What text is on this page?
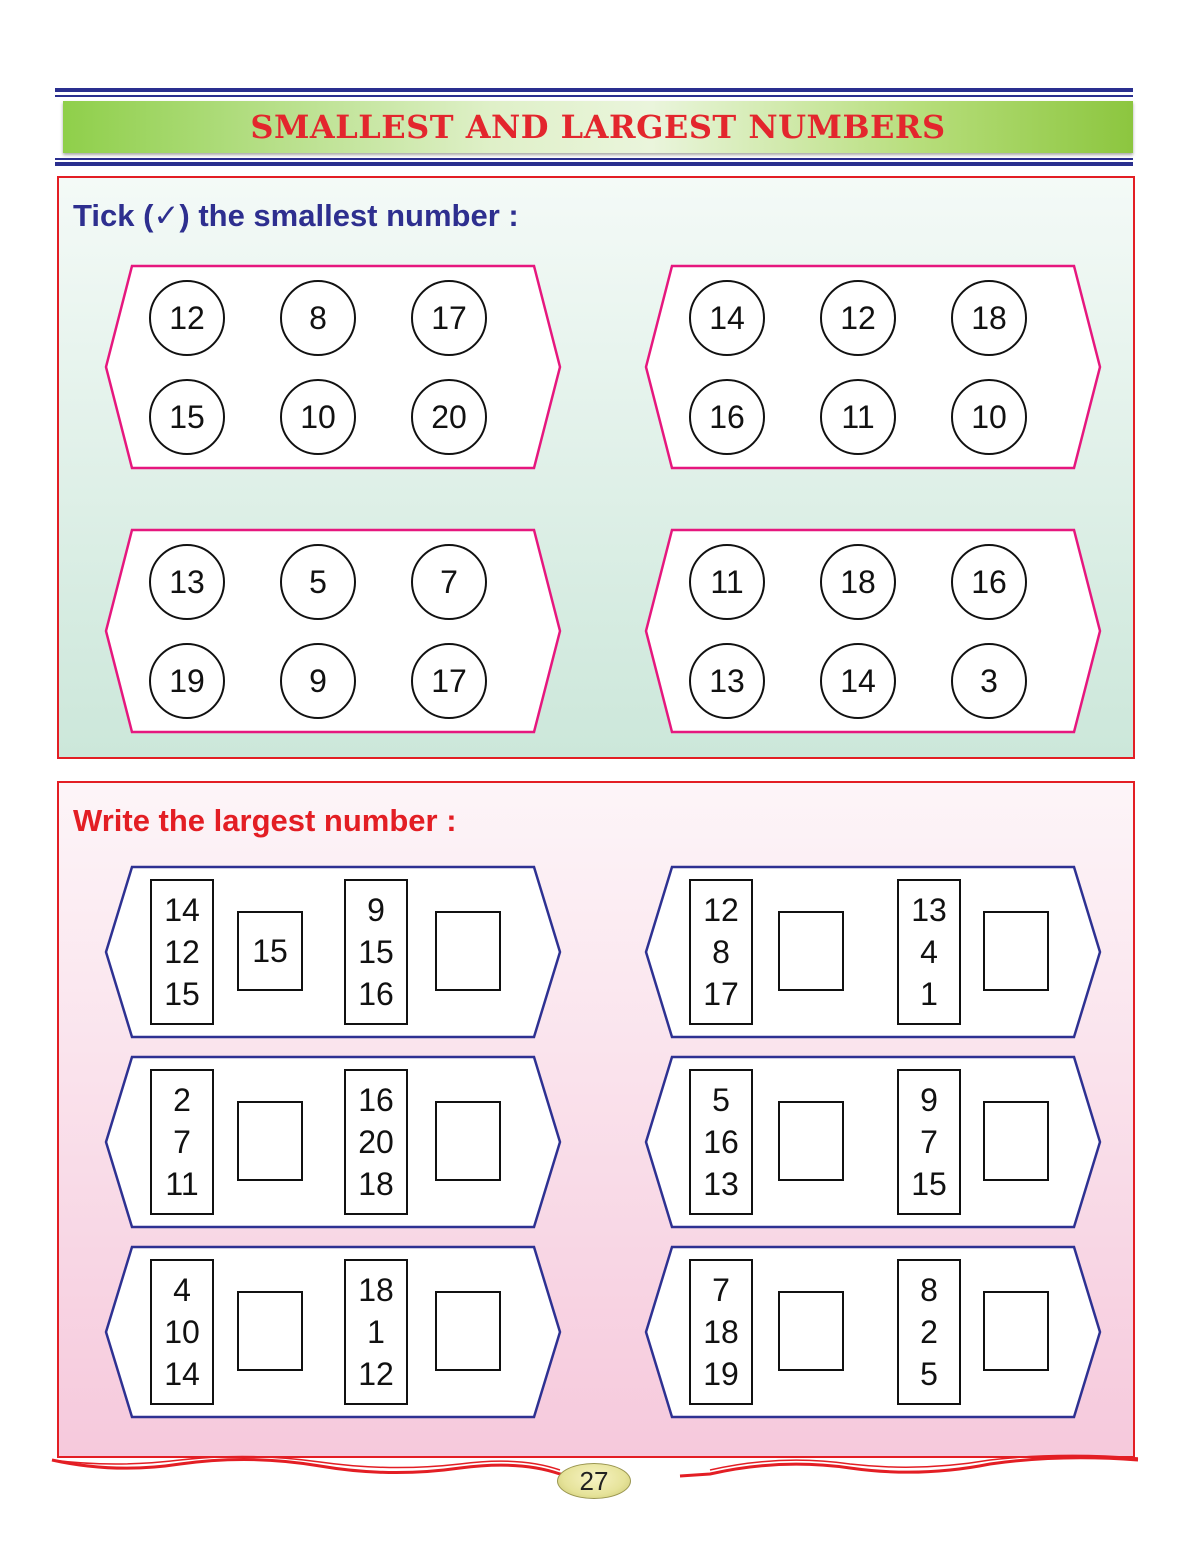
SMALLEST AND LARGEST NUMBERS
Tick (✓) the smallest number :
12	8	17
15	10	20
14	12	18
16	11	10
13	5	7
19	9	17
11	18	16
13	14	3
Write the largest number :
14
12
15
15
9
15
16
12
8
17
13
4
1
2
7
11
16
20
18
5
16
13
9
7
15
4
10
14
18
1
12
7
18
19
8
2
5
27
